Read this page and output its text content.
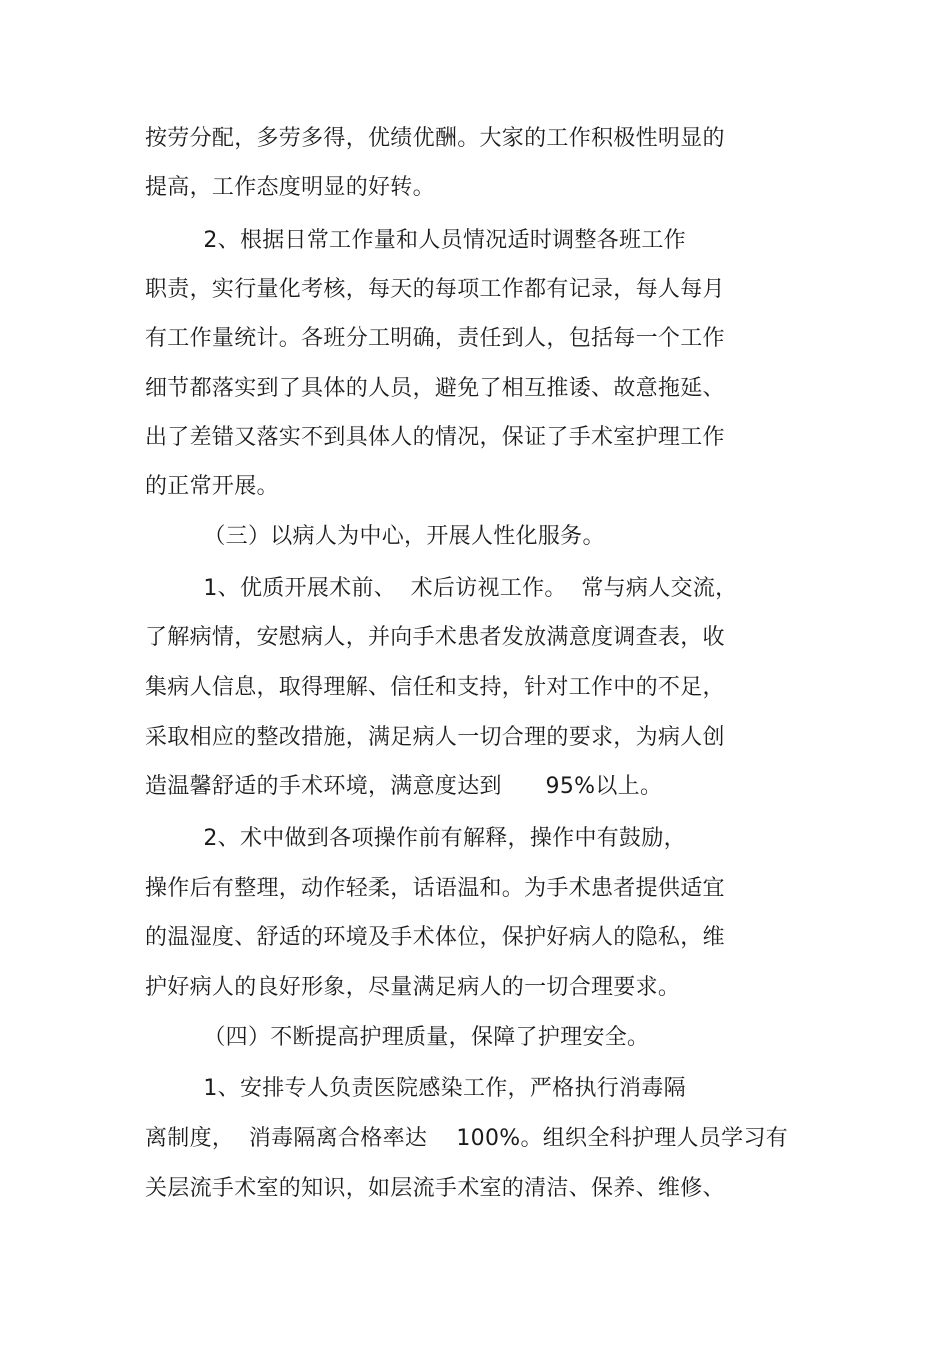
按劳分配，多劳多得，优绩优酬。大家的工作积极性明显的
提高，工作态度明显的好转。
2、根据日常工作量和人员情况适时调整各班工作
职责，实行量化考核，每天的每项工作都有记录，每人每月
有工作量统计。各班分工明确，责任到人，包括每一个工作
细节都落实到了具体的人员，避免了相互推诿、故意拖延、
出了差错又落实不到具体人的情况，保证了手术室护理工作
的正常开展。
（三）以病人为中心，开展人性化服务。
1、优质开展术前、  术后访视工作。  常与病人交流，
了解病情，安慰病人，并向手术患者发放满意度调查表，收
集病人信息，取得理解、信任和支持，针对工作中的不足，
采取相应的整改措施，满足病人一切合理的要求，为病人创
造温馨舒适的手术环境，满意度达到      95%以上。
2、术中做到各项操作前有解释，操作中有鼓励，
操作后有整理，动作轻柔，话语温和。为手术患者提供适宜
的温湿度、舒适的环境及手术体位，保护好病人的隐私，维
护好病人的良好形象，尽量满足病人的一切合理要求。
（四）不断提高护理质量，保障了护理安全。
1、安排专人负责医院感染工作，严格执行消毒隔
离制度，  消毒隔离合格率达    100%。组织全科护理人员学习有
关层流手术室的知识，如层流手术室的清洁、保养、维修、
